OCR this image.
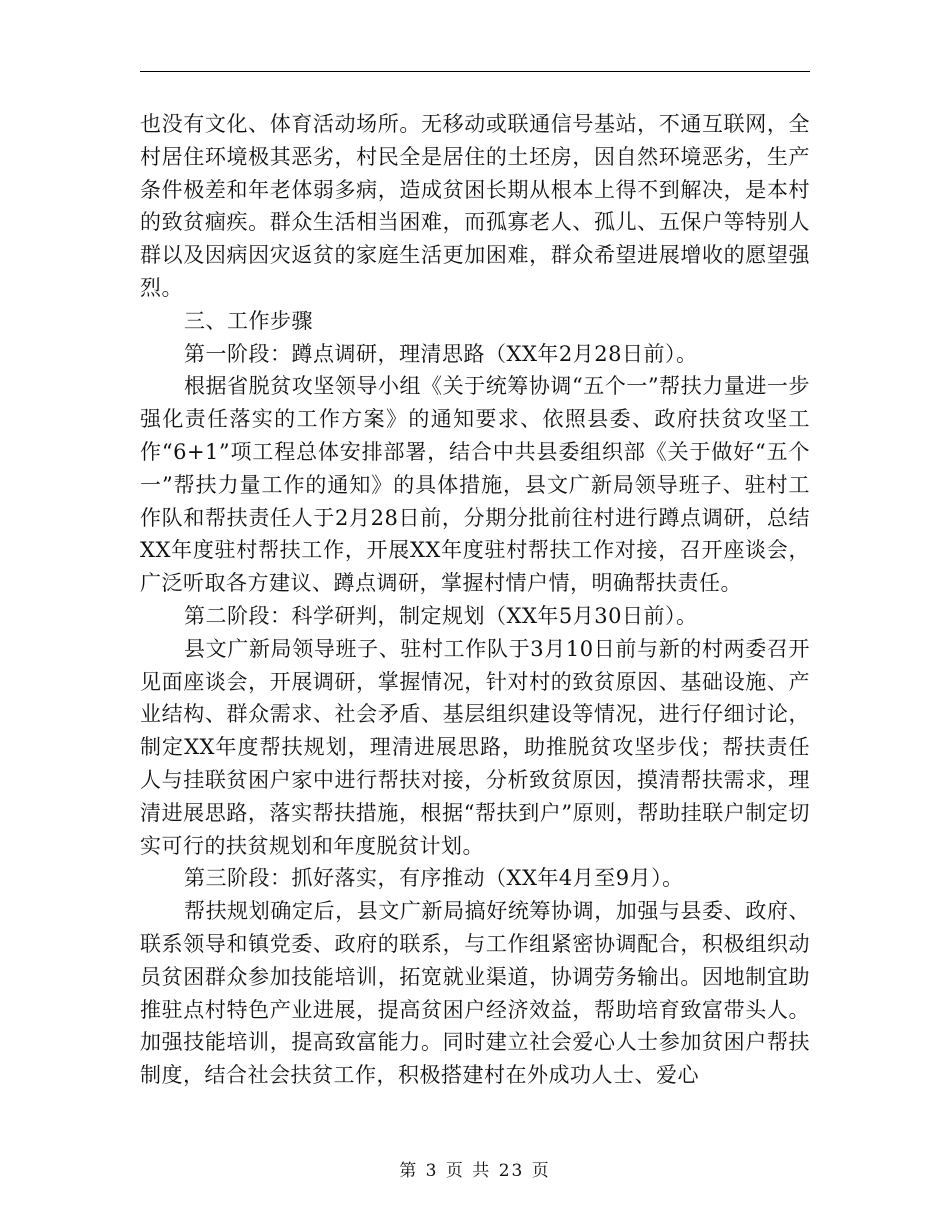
也没有文化、体育活动场所。无移动或联通信号基站，不通互联网，全村居住环境极其恶劣，村民全是居住的土坯房，因自然环境恶劣，生产条件极差和年老体弱多病，造成贫困长期从根本上得不到解决，是本村的致贫痼疾。群众生活相当困难，而孤寡老人、孤儿、五保户等特别人群以及因病因灾返贫的家庭生活更加困难，群众希望进展增收的愿望强烈。

三、工作步骤

第一阶段：蹲点调研，理清思路（XX年2月28日前）。

根据省脱贫攻坚领导小组《关于统筹协调“五个一”帮扶力量进一步强化责任落实的工作方案》的通知要求、依照县委、政府扶贫攻坚工作“6+1”项工程总体安排部署，结合中共县委组织部《关于做好“五个一”帮扶力量工作的通知》的具体措施，县文广新局领导班子、驻村工作队和帮扶责任人于2月28日前，分期分批前往村进行蹲点调研，总结XX年度驻村帮扶工作，开展XX年度驻村帮扶工作对接，召开座谈会，广泛听取各方建议、蹲点调研，掌握村情户情，明确帮扶责任。

第二阶段：科学研判，制定规划（XX年5月30日前）。

县文广新局领导班子、驻村工作队于3月10日前与新的村两委召开见面座谈会，开展调研，掌握情况，针对村的致贫原因、基础设施、产业结构、群众需求、社会矛盾、基层组织建设等情况，进行仔细讨论，制定XX年度帮扶规划，理清进展思路，助推脱贫攻坚步伐；帮扶责任人与挂联贫困户家中进行帮扶对接，分析致贫原因，摸清帮扶需求，理清进展思路，落实帮扶措施，根据“帮扶到户”原则，帮助挂联户制定切实可行的扶贫规划和年度脱贫计划。

第三阶段：抓好落实，有序推动（XX年4月至9月）。

帮扶规划确定后，县文广新局搞好统筹协调，加强与县委、政府、联系领导和镇党委、政府的联系，与工作组紧密协调配合，积极组织动员贫困群众参加技能培训，拓宽就业渠道，协调劳务输出。因地制宜助推驻点村特色产业进展，提高贫困户经济效益，帮助培育致富带头人。加强技能培训，提高致富能力。同时建立社会爱心人士参加贫困户帮扶制度，结合社会扶贫工作，积极搭建村在外成功人士、爱心

第 3 页 共 23 页
